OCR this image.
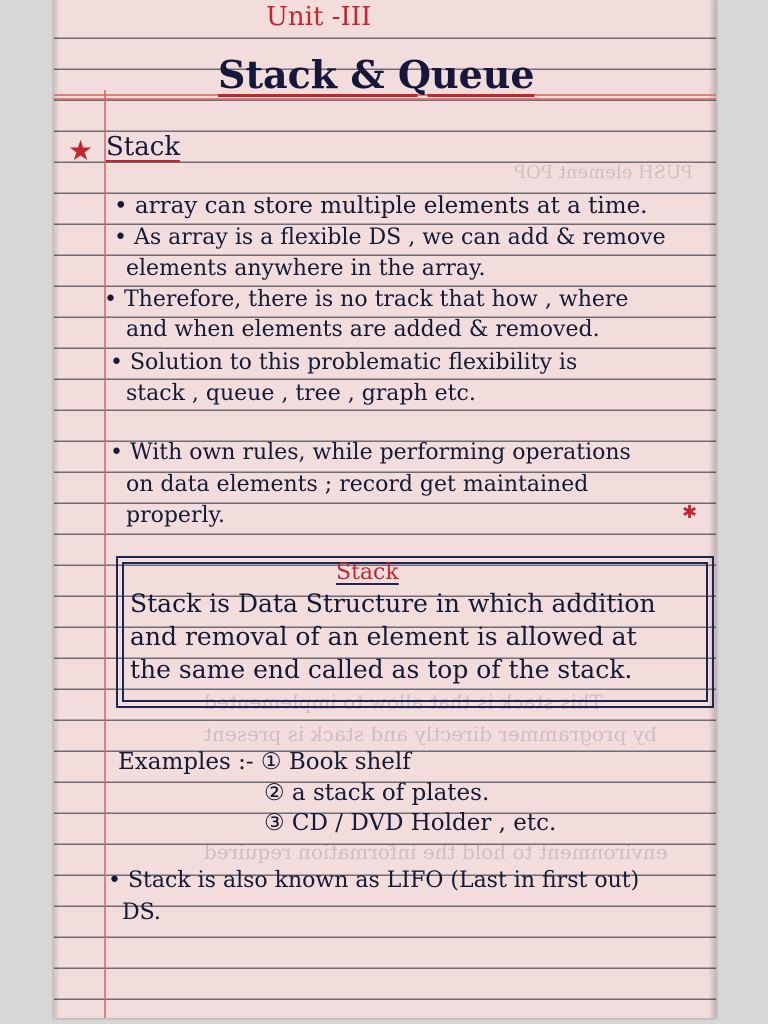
PUSH element POP
This stack is that allow to implemented
by programmer directly and stack is present
environment to hold the information required
Unit -III
Stack & Queue
★ Stack
• array can store multiple elements at a time.
• As array is a flexible DS , we can add & remove
elements anywhere in the array.
• Therefore, there is no track that how , where
and when elements are added & removed.
• Solution to this problematic flexibility is
stack , queue , tree , graph etc.
• With own rules, while performing operations
on data elements ; record get maintained
properly.	✱
Stack
Stack is Data Structure in which addition
and removal of an element is allowed at
the same end called as top of the stack.
Examples :- ① Book shelf
② a stack of plates.
③ CD / DVD Holder , etc.
• Stack is also known as LIFO (Last in first out)
DS.
